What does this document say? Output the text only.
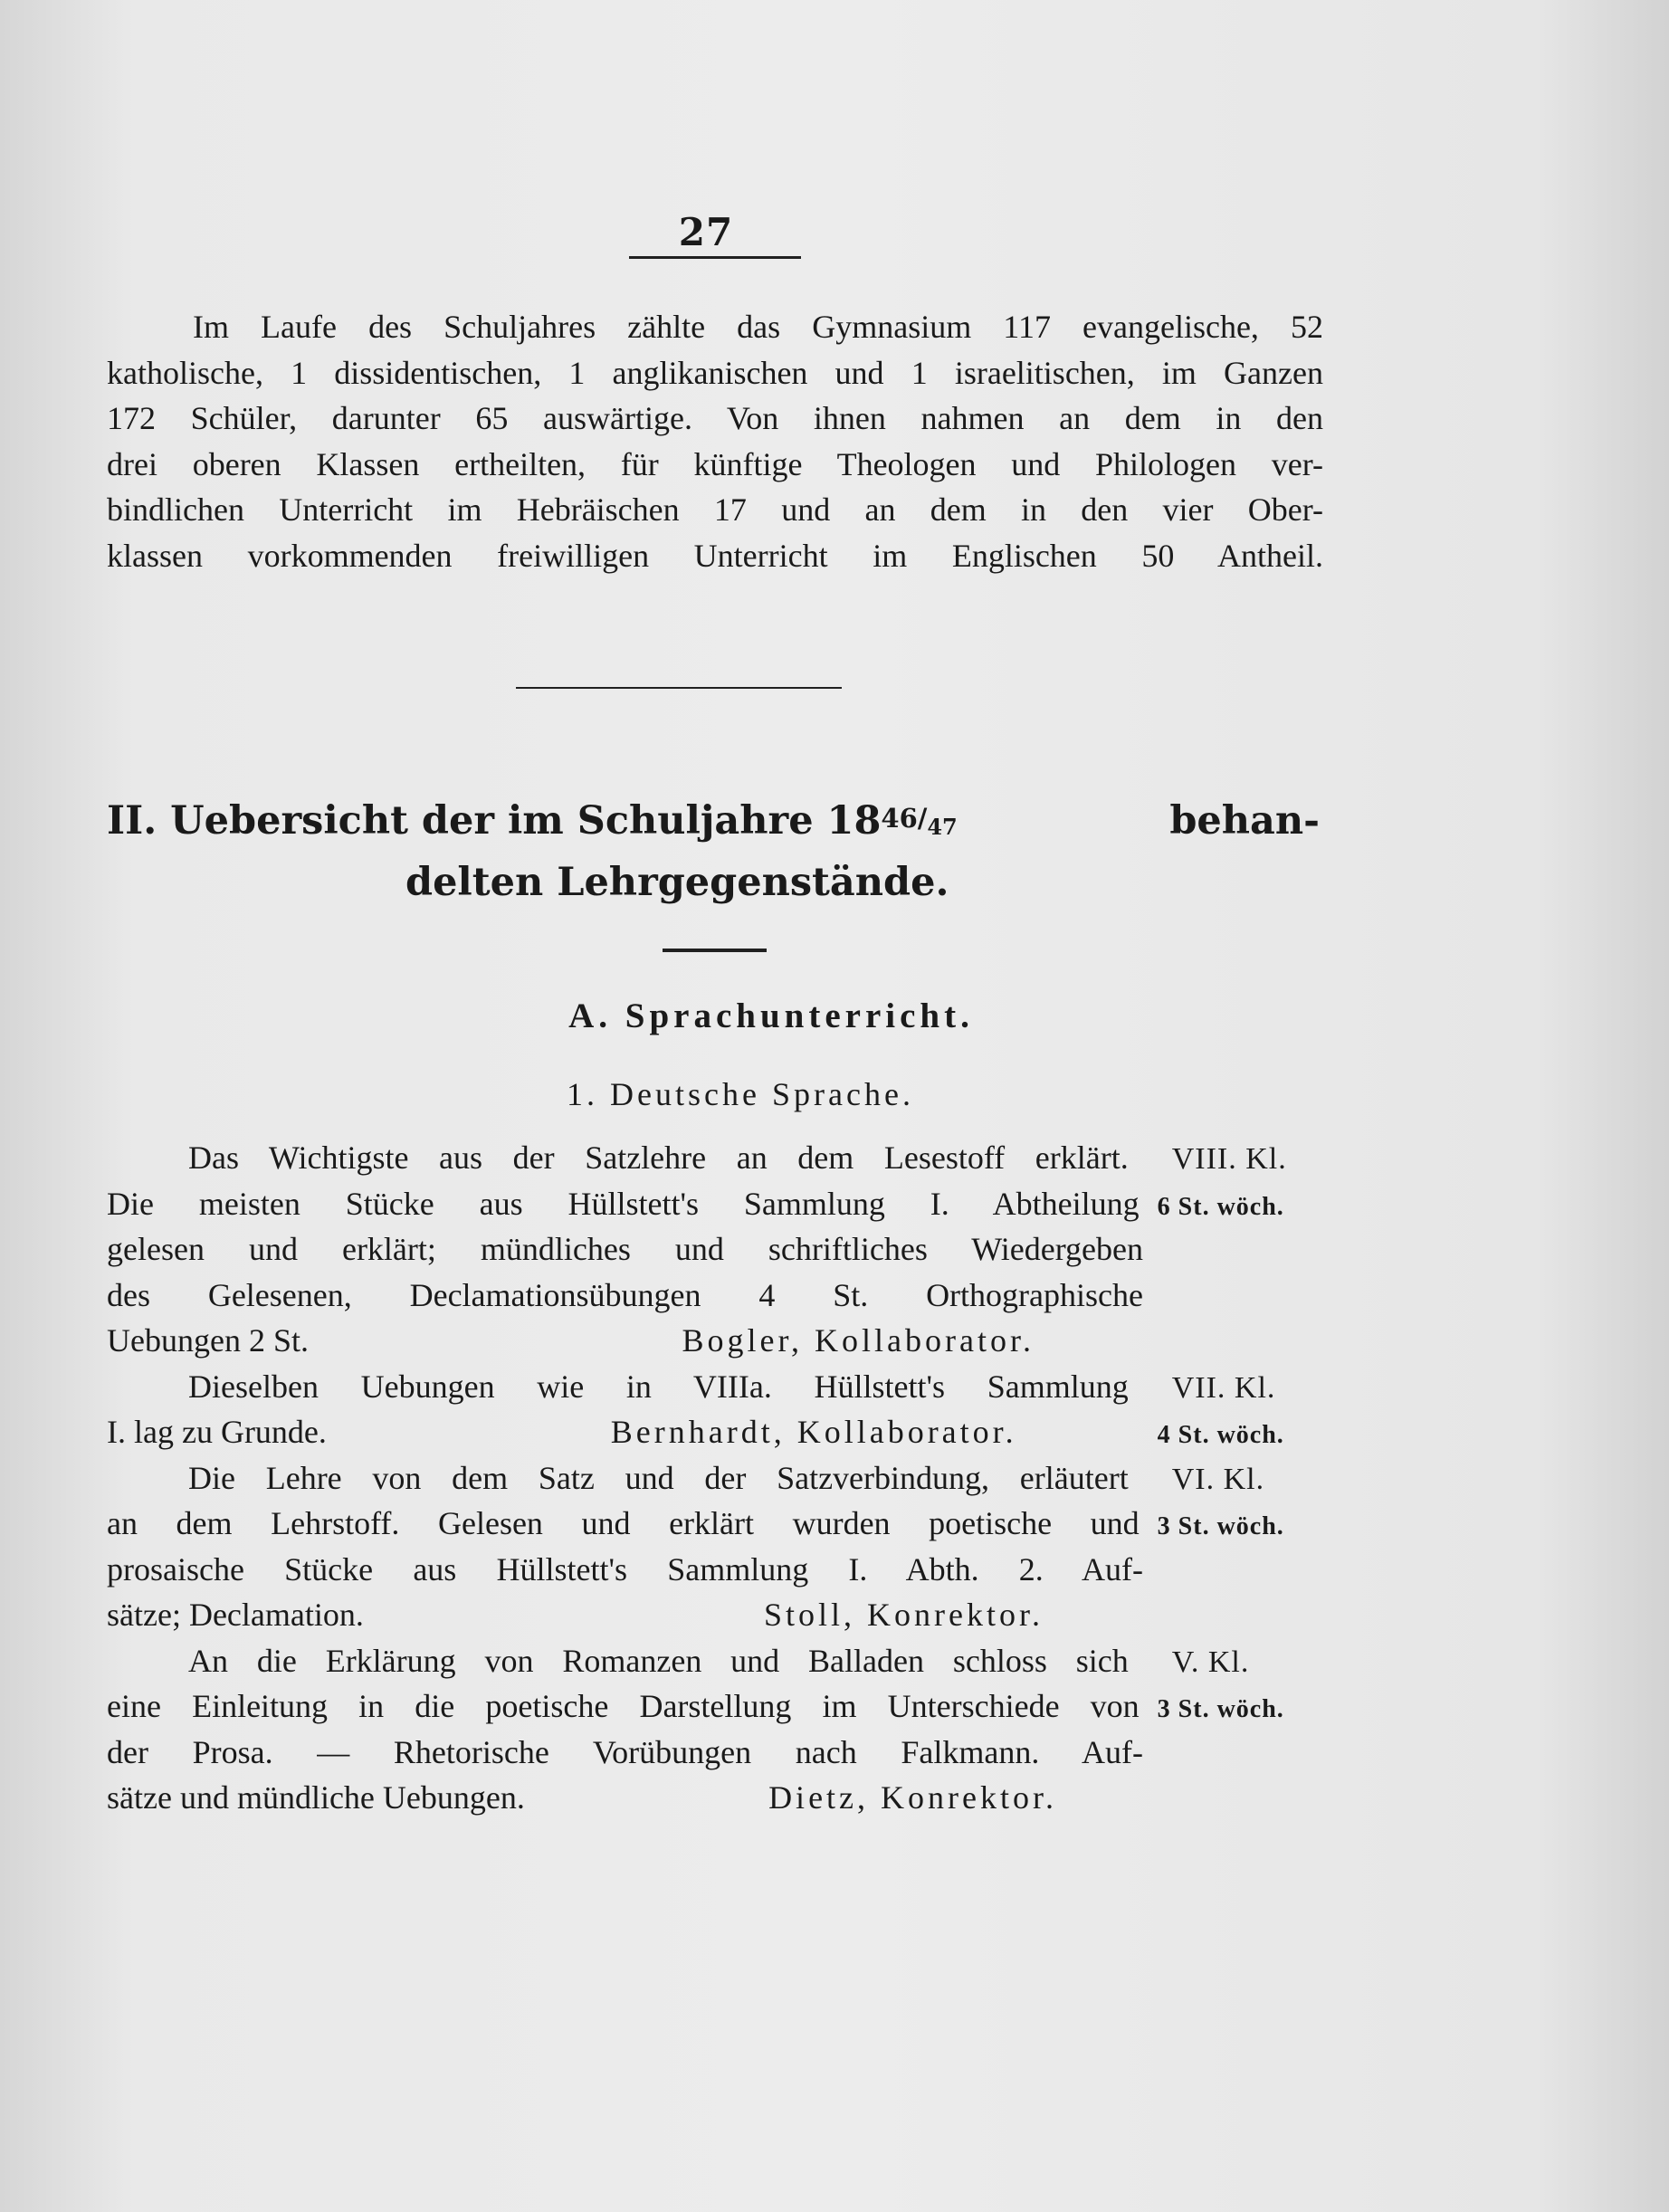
27
Im Laufe des Schuljahres zählte das Gymnasium 117 evangelische, 52
katholische, 1 dissidentischen, 1 anglikanischen und 1 israelitischen, im Ganzen
172 Schüler, darunter 65 auswärtige. Von ihnen nahmen an dem in den
drei oberen Klassen ertheilten, für künftige Theologen und Philologen ver-
bindlichen Unterricht im Hebräischen 17 und an dem in den vier Ober-
klassen vorkommenden freiwilligen Unterricht im Englischen 50 Antheil.
II. Uebersicht der im Schuljahre $1846/_{47}$	behan-
delten Lehrgegenstände.
A. Sprachunterricht.
1. Deutsche Sprache.
Das Wichtigste aus der Satzlehre an dem Lesestoff erklärt.	VIII. Kl.
Die meisten Stücke aus Hüllstett's Sammlung I. Abtheilung 6 St. wöch.
gelesen und erklärt; mündliches und schriftliches Wiedergeben
des Gelesenen, Declamationsübungen 4 St. Orthographische
Uebungen 2 St.	Bogler, Kollaborator.
Dieselben Uebungen wie in VIIIa. Hüllstett's Sammlung	VII. Kl.
I. lag zu Grunde.	Bernhardt, Kollaborator.	4 St. wöch.
Die Lehre von dem Satz und der Satzverbindung, erläutert	VI. Kl.
an dem Lehrstoff. Gelesen und erklärt wurden poetische und 3 St. wöch.
prosaische Stücke aus Hüllstett's Sammlung I. Abth. 2. Auf-
sätze; Declamation.	Stoll, Konrektor.
An die Erklärung von Romanzen und Balladen schloss sich	V. Kl.
eine Einleitung in die poetische Darstellung im Unterschiede von 3 St. wöch.
der Prosa. — Rhetorische Vorübungen nach Falkmann. Auf-
sätze und mündliche Uebungen.	Dietz, Konrektor.
